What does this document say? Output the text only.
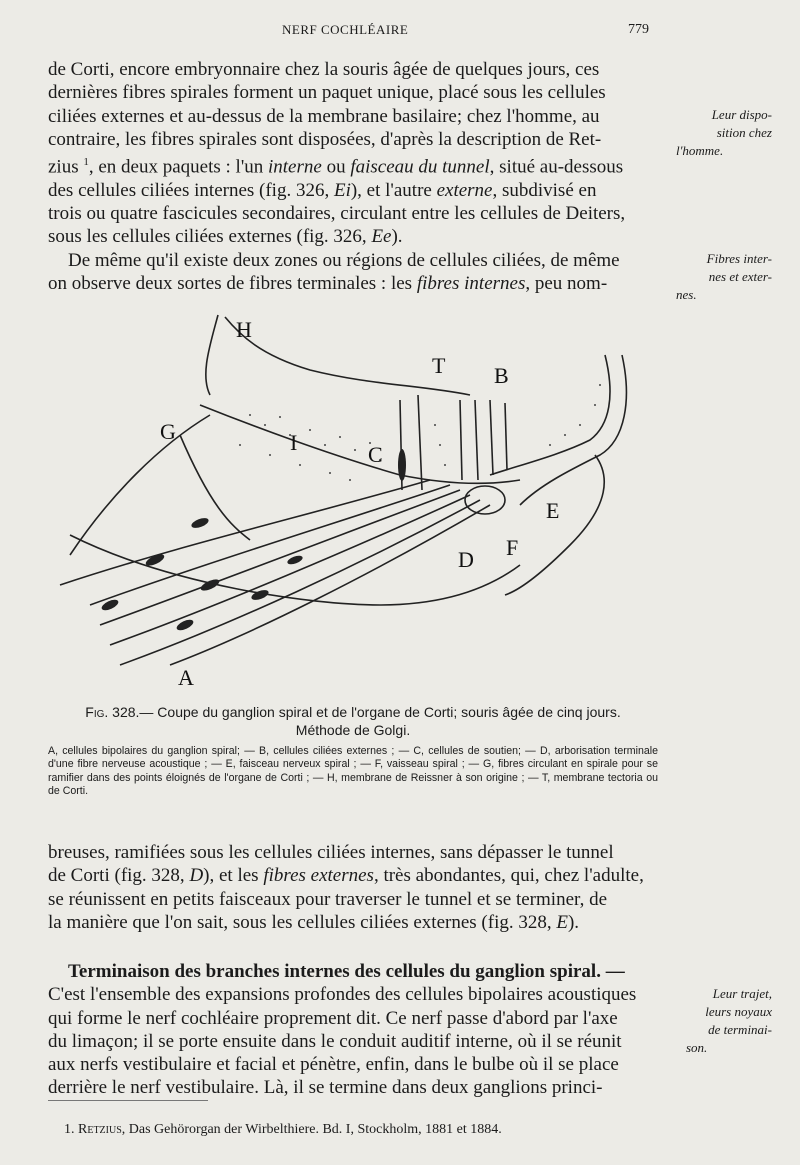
NERF COCHLÉAIRE	779

de Corti, encore embryonnaire chez la souris âgée de quelques jours, ces

dernières fibres spirales forment un paquet unique, placé sous les cellules

ciliées externes et au-dessus de la membrane basilaire; chez l'homme, au

contraire, les fibres spirales sont disposées, d'après la description de Ret-

zius $^1$, en deux paquets : l'un interne ou faisceau du tunnel, situé au-dessous

des cellules ciliées internes (fig. 326, Ei), et l'autre externe, subdivisé en

trois ou quatre fascicules secondaires, circulant entre les cellules de Deiters,

sous les cellules ciliées externes (fig. 326, Ee).

De même qu'il existe deux zones ou régions de cellules ciliées, de même

on observe deux sortes de fibres terminales : les fibres internes, peu nom-

Leur dispo-
sition chez
l'homme.
Fibres inter-
nes et exter-
nes.
H
T B
G	I	C
E
D F
A
Fig. 328.— Coupe du ganglion spiral et de l'organe de Corti; souris âgée de cinq jours.
Méthode de Golgi.
A, cellules bipolaires du ganglion spiral; — B, cellules ciliées externes ; — C, cellules de soutien; — D, arborisation terminale d'une fibre nerveuse acoustique ; — E, faisceau nerveux spiral ; — F, vaisseau spiral ; — G, fibres circulant en spirale pour se ramifier dans des points éloignés de l'organe de Corti ; — H, membrane de Reissner à son origine ; — T, membrane tectoria ou de Corti.

breuses, ramifiées sous les cellules ciliées internes, sans dépasser le tunnel

de Corti (fig. 328, D), et les fibres externes, très abondantes, qui, chez l'adulte,

se réunissent en petits faisceaux pour traverser le tunnel et se terminer, de

la manière que l'on sait, sous les cellules ciliées externes (fig. 328, E).

Terminaison des branches internes des cellules du ganglion spiral. —

C'est l'ensemble des expansions profondes des cellules bipolaires acoustiques

qui forme le nerf cochléaire proprement dit. Ce nerf passe d'abord par l'axe

du limaçon; il se porte ensuite dans le conduit auditif interne, où il se réunit

aux nerfs vestibulaire et facial et pénètre, enfin, dans le bulbe où il se place

derrière le nerf vestibulaire. Là, il se termine dans deux ganglions princi-

Leur trajet,
leurs noyaux
de terminai-
son.
1. Retzius, Das Gehörorgan der Wirbelthiere. Bd. I, Stockholm, 1881 et 1884.
